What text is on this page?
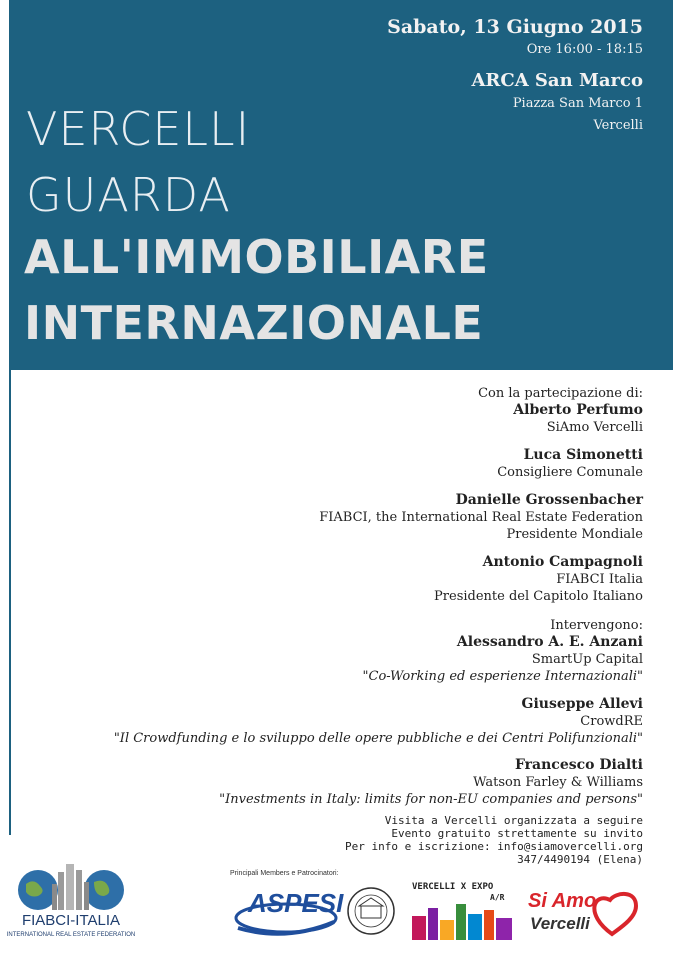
Sabato, 13 Giugno 2015
Ore 16:00 - 18:15
ARCA San Marco
Piazza San Marco 1
Vercelli
VERCELLI
GUARDA
ALL'IMMOBILIARE
INTERNAZIONALE
Con la partecipazione di:
Alberto Perfumo
SiAmo Vercelli
Luca Simonetti
Consigliere Comunale
Danielle Grossenbacher
FIABCI, the International Real Estate Federation
Presidente Mondiale
Antonio Campagnoli
FIABCI Italia
Presidente del Capitolo Italiano
Intervengono:
Alessandro A. E. Anzani
SmartUp Capital
"Co-Working ed esperienze Internazionali"
Giuseppe Allevi
CrowdRE
"Il Crowdfunding e lo sviluppo delle opere pubbliche e dei Centri Polifunzionali"
Francesco Dialti
Watson Farley & Williams
"Investments in Italy: limits for non-EU companies and persons"
Visita a Vercelli organizzata a seguire
Evento gratuito strettamente su invito
Per info e iscrizione: info@siamovercelli.org
347/4490194 (Elena)
FIABCI-ITALIA
INTERNATIONAL REAL ESTATE FEDERATION
Principali Members e Patrocinatori:
ASPESI
VERCELLI X EXPO
A/R Si Amo
Vercelli
